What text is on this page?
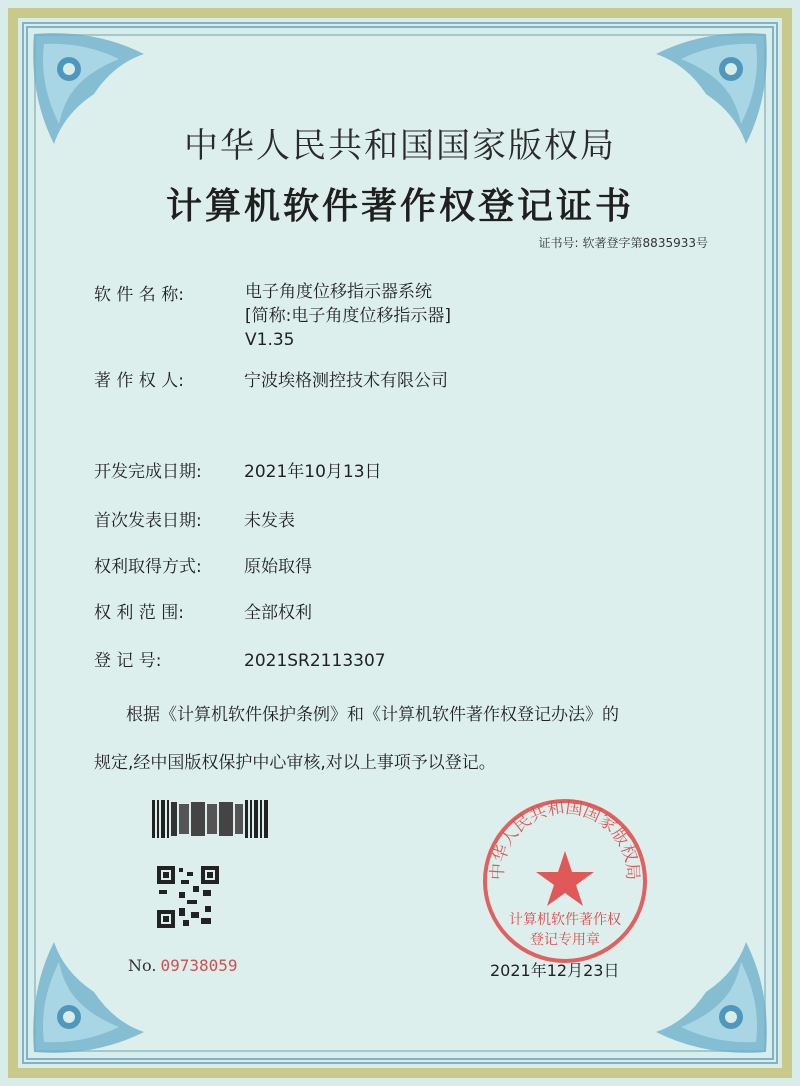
中华人民共和国国家版权局
计算机软件著作权登记证书
证书号: 软著登字第8835933号
软 件 名 称:	电子角度位移指示器系统
[简称:电子角度位移指示器]
V1.35
著 作 权 人:	宁波埃格测控技术有限公司
开发完成日期: 2021年10月13日
首次发表日期: 未发表
权利取得方式: 原始取得
权 利 范 围:	全部权利
登 记 号:	2021SR2113307
根据《计算机软件保护条例》和《计算机软件著作权登记办法》的
规定,经中国版权保护中心审核,对以上事项予以登记。
No. 09738059
中华人民共和国国家版权局
计算机软件著作权
登记专用章
2021年12月23日
